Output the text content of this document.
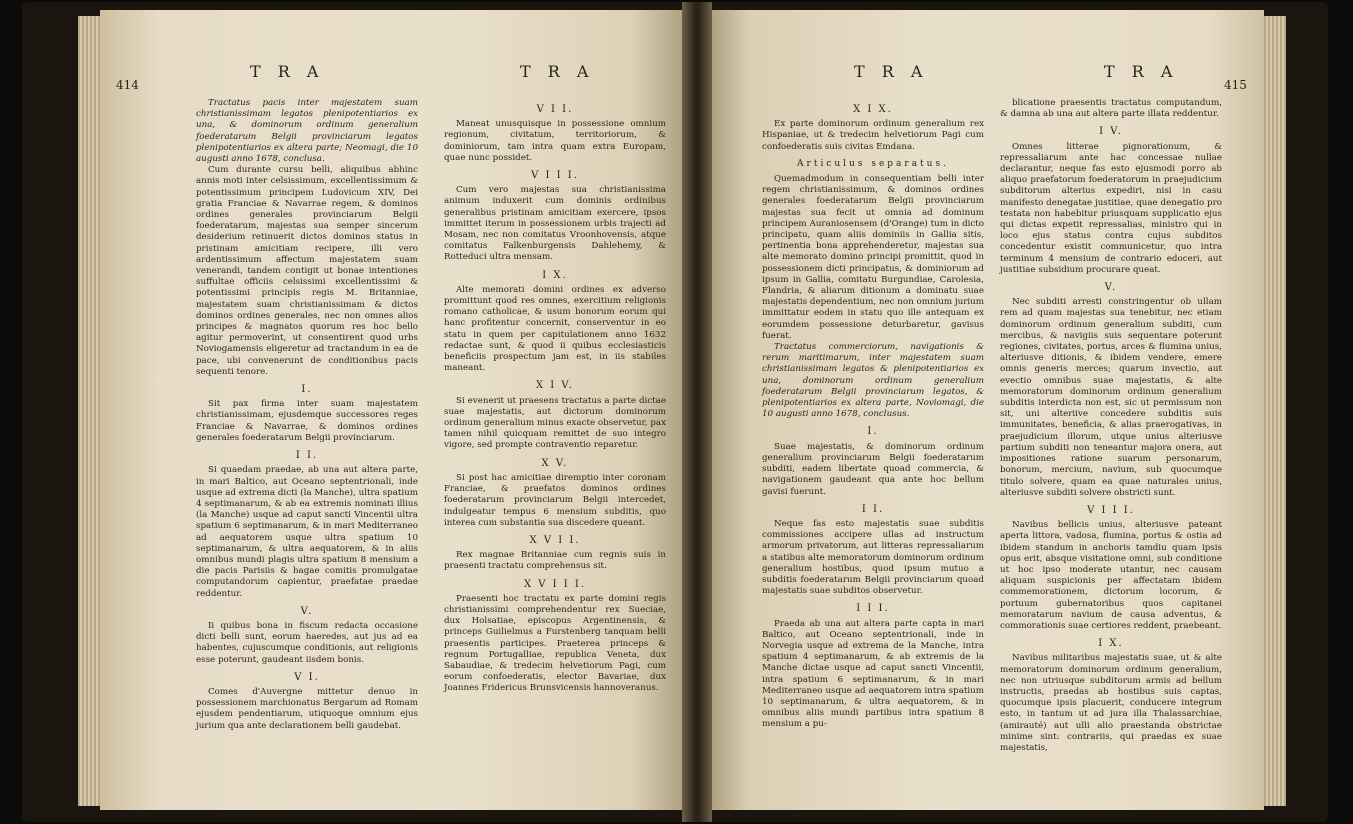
414
T R A	T R A

Tractatus pacis inter majestatem suam christianissimam legatos plenipotentiarios ex una, & dominorum ordinum generalium foederatarum Belgii provinciarum legatos plenipotentiarios ex altera parte; Neomagi, die 10 augusti anno 1678, conclusa.

Cum durante cursu belli, aliquibus abhinc annis moti inter celsissimum, excellentissimum & potentissimum principem Ludovicum XIV, Dei gratia Franciae & Navarrae regem, & dominos ordines generales provinciarum Belgii foederatarum, majestas sua semper sincerum desiderium retinuerit dictos dominos status in pristinam amicitiam recipere, illi vero ardentissimum affectum majestatem suam venerandi, tandem contigit ut bonae intentiones suffultae officiis celsissimi excellentissimi & potentissimi principis regis M. Britanniae, majestatem suam christianissimam & dictos dominos ordines generales, nec non omnes alios principes & magnatos quorum res hoc bello agitur permoverint, ut consentirent quod urbs Noviogamensis eligeretur ad tractandum in ea de pace, ubi convenerunt de conditionibus pacis sequenti tenore.

I.

Sit pax firma inter suam majestatem christianissimam, ejusdemque successores reges Franciae & Navarrae, & dominos ordines generales foederatarum Belgii provinciarum.

I I.

Si quaedam praedae, ab una aut altera parte, in mari Baltico, aut Oceano septentrionali, inde usque ad extrema dicti (la Manche), ultra spatium 4 septimanarum, & ab ea extremis nominati illius (la Manche) usque ad caput sancti Vincentii ultra spatium 6 septimanarum, & in mari Mediterraneo ad aequatorem usque ultra spatium 10 septimanarum, & ultra aequatorem, & in aliis omnibus mundi plagis ultra spatium 8 mensium a die pacis Parisiis & hagae comitis promulgatae computandorum capientur, praefatae praedae reddentur.

V.

Ii quibus bona in fiscum redacta occasione dicti belli sunt, eorum haeredes, aut jus ad ea habentes, cujuscumque conditionis, aut religionis esse poterunt, gaudeant iisdem bonis.

V I.

Comes d'Auvergne mittetur denuo in possessionem marchionatus Bergarum ad Romam ejusdem pendentiarum, utiquoque omnium ejus jurium qua ante declarationem belli gaudebat.

V I I.

Maneat unusquisque in possessione omnium regionum, civitatum, territoriorum, & dominiorum, tam intra quam extra Europam, quae nunc possidet.

V I I I.

Cum vero majestas sua christianissima animum induxerit cum dominis ordinibus generalibus pristinam amicitiam exercere, ipsos immittet iterum in possessionem urbis trajecti ad Mosam, nec non comitatus Vroonhovensis, atque comitatus Falkenburgensis Dahlehemy, & Rotteduci ultra mensam.

I X.

Alte memorati domini ordines ex adverso promittunt quod res omnes, exercitium religionis romano catholicae, & usum bonorum eorum qui hanc profitentur concernit, conserventur in eo statu in quem per capitulationem anno 1632 redactae sunt, & quod ii quibus ecclesiasticis beneficiis prospectum jam est, in iis stabiles maneant.

X I V.

Si evenerit ut praesens tractatus a parte dictae suae majestatis, aut dictorum dominorum ordinum generalium minus exacte observetur, pax tamen nihil quicquam remittet de suo integro vigore, sed prompte contraventio reparetur.

X V.

Si post hac amicitiae diremptio inter coronam Franciae, & praefatos dominos ordines foederatarum provinciarum Belgii intercedet, indulgeatur tempus 6 mensium subditis, quo interea cum substantia sua discedere queant.

X V I I.

Rex magnae Britanniae cum regnis suis in praesenti tractatu comprehensus sit.

X V I I I.

Praesenti hoc tractatu ex parte domini regis christianissimi comprehendentur rex Sueciae, dux Holsatiae, episcopus Argentinensis, & princeps Guilielmus a Furstenberg tanquam belli praesentis participes. Praeterea princeps & regnum Portugalliae, republica Veneta, dux Sabaudiae, & tredecim helvetiorum Pagi, cum eorum confoederatis, elector Bavariae, dux Joannes Fridericus Brunsvicensis hannoveranus.

T R A	T R A
415
X I X.

Ex parte dominorum ordinum generalium rex Hispaniae, ut & tredecim helvetiorum Pagi cum confoederatis suis civitas Emdana.

Articulus separatus.

Quemadmodum in consequentiam belli inter regem christianissimum, & dominos ordines generales foederatarum Belgii provinciarum majestas sua fecit ut omnia ad dominum principem Auraniosensem (d'Orange) tum in dicto principatu, quam aliis dominiis in Gallia sitis, pertinentia bona apprehenderetur, majestas sua alte memorato domino principi promittit, quod in possessionem dicti principatus, & dominiorum ad ipsum in Gallia, comitatu Burgundiae, Carolesia, Flandria, & aliarum ditionum a dominatu suae majestatis dependentium, nec non omnium jurium immittatur eodem in statu quo ille antequam ex eorumdem possessione deturbaretur, gavisus fuerat.

Tractatus commerciorum, navigationis & rerum maritimarum, inter majestatem suam christianissimam legatos & plenipotentiarios ex una, dominorum ordinum generalium foederatarum Belgii provinciarum legatos, & plenipotentiarios ex altera parte, Noviomagi, die 10 augusti anno 1678, conclusus.

I.

Suae majestatis, & dominorum ordinum generalium provinciarum Belgii foederatarum subditi, eadem libertate quoad commercia, & navigationem gaudeant qua ante hoc bellum gavisi fuerunt.

I I.

Neque fas esto majestatis suae subditis commissiones accipere ullas ad instructum armorum privatorum, aut litteras repressaliarum a statibus alte memoratorum dominorum ordinum generalium hostibus, quod ipsum mutuo a subditis foederatarum Belgii provinciarum quoad majestatis suae subditos observetur.

I I I.

Praeda ab una aut altera parte capta in mari Baltico, aut Oceano septentrionali, inde in Norvegia usque ad extrema de la Manche, intra spatium 4 septimanarum, & ab extremis de la Manche dictae usque ad caput sancti Vincentii, intra spatium 6 septimanarum, & in mari Mediterraneo usque ad aequatorem intra spatium 10 septimanarum, & ultra aequatorem, & in omnibus aliis mundi partibus intra spatium 8 mensium a pu-

blicatione praesentis tractatus computandum, & damna ab una aut altera parte illata reddentur.

I V.

Omnes litterae pignorationum, & repressaliarum ante hac concessae nullae declarantur, neque fas esto ejusmodi porro ab aliquo praefatorum foederatorum in praejudicium subditorum alterius expediri, nisi in casu manifesto denegatae justitiae, quae denegatio pro testata non habebitur priusquam supplicatio ejus qui dictas expetit repressalias, ministro qui in loco ejus status contra cujus subditos concedentur existit communicetur, quo intra terminum 4 mensium de contrario edoceri, aut justitiae subsidium procurare queat.

V.

Nec subditi arresti constringentur ob ullam rem ad quam majestas sua tenebitur, nec etiam dominorum ordinum generalium subditi, cum mercibus, & navigiis suis sequentare poterunt regiones, civitates, portus, arces & flumina unius, alteriusve ditionis, & ibidem vendere, emere omnis generis merces; quarum invectio, aut evectio omnibus suae majestatis, & alte memoratorum dominorum ordinum generalium subditis interdicta non est, sic ut permissum non sit, uni alteriive concedere subditis suis immunitates, beneficia, & alias praerogativas, in praejudicium illorum, utque unius alteriusve partium subditi non teneantur majora onera, aut impositiones ratione suarum personarum, bonorum, mercium, navium, sub quocumque titulo solvere, quam ea quae naturales unius, alteriusve subditi solvere obstricti sunt.

V I I I.

Navibus bellicis unius, alteriusve pateant aperta littora, vadosa, flumina, portus & ostia ad ibidem standum in anchoris tamdiu quam ipsis opus erit, absque visitatione omni, sub conditione ut hoc ipso moderate utantur, nec causam aliquam suspicionis per affectatam ibidem commemorationem, dictorum locorum, & portuum gubernatoribus quos capitanei memoratarum navium de causa adventus, & commorationis suae certiores reddent, praebeant.

I X.

Navibus militaribus majestatis suae, ut & alte memoratorum dominorum ordinum generalium, nec non utriusque subditorum armis ad bellum instructis, praedas ab hostibus suis captas, quocumque ipsis placuerit, conducere integrum esto, in tantum ut ad jura illa Thalassarchiae, (amirauté) aut ulli alio praestanda obstrictae minime sint: contrariis, qui praedas ex suae majestatis,
